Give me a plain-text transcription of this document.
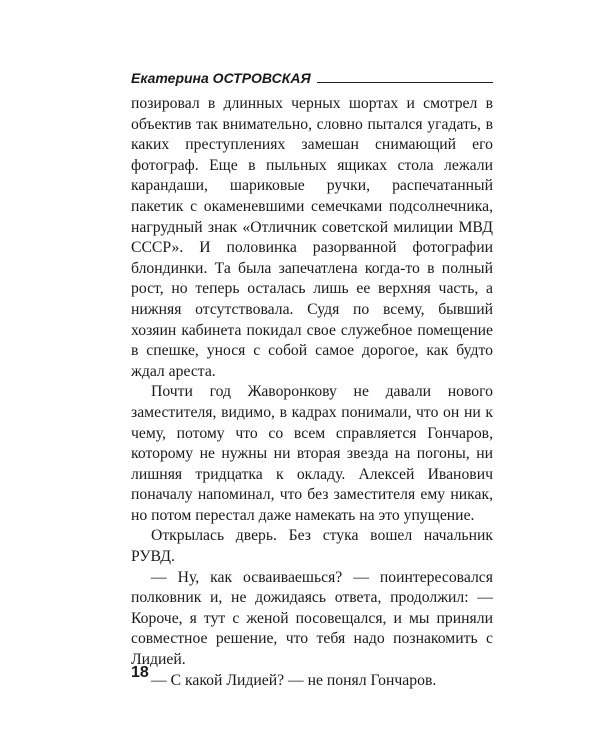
Екатерина ОСТРОВСКАЯ

позировал в длинных черных шортах и смотрел в объектив так внимательно, словно пытался угадать, в каких преступлениях замешан снимающий его фотограф. Еще в пыльных ящиках стола лежали карандаши, шариковые ручки, распечатанный пакетик с окаменевшими семечками подсолнечника, нагрудный знак «Отличник советской милиции МВД СССР». И половинка разорванной фотографии блондинки. Та была запечатлена когда-то в полный рост, но теперь осталась лишь ее верхняя часть, а нижняя отсутствовала. Судя по всему, бывший хозяин кабинета покидал свое служебное помещение в спешке, унося с собой самое дорогое, как будто ждал ареста.

Почти год Жаворонкову не давали нового заместителя, видимо, в кадрах понимали, что он ни к чему, потому что со всем справляется Гончаров, которому не нужны ни вторая звезда на погоны, ни лишняя тридцатка к окладу. Алексей Иванович поначалу напоминал, что без заместителя ему никак, но потом перестал даже намекать на это упущение.

Открылась дверь. Без стука вошел начальник РУВД.

— Ну, как осваиваешься? — поинтересовался полковник и, не дожидаясь ответа, продолжил: — Короче, я тут с женой посовещался, и мы приняли совместное решение, что тебя надо познакомить с Лидией.

— С какой Лидией? — не понял Гончаров.

18
